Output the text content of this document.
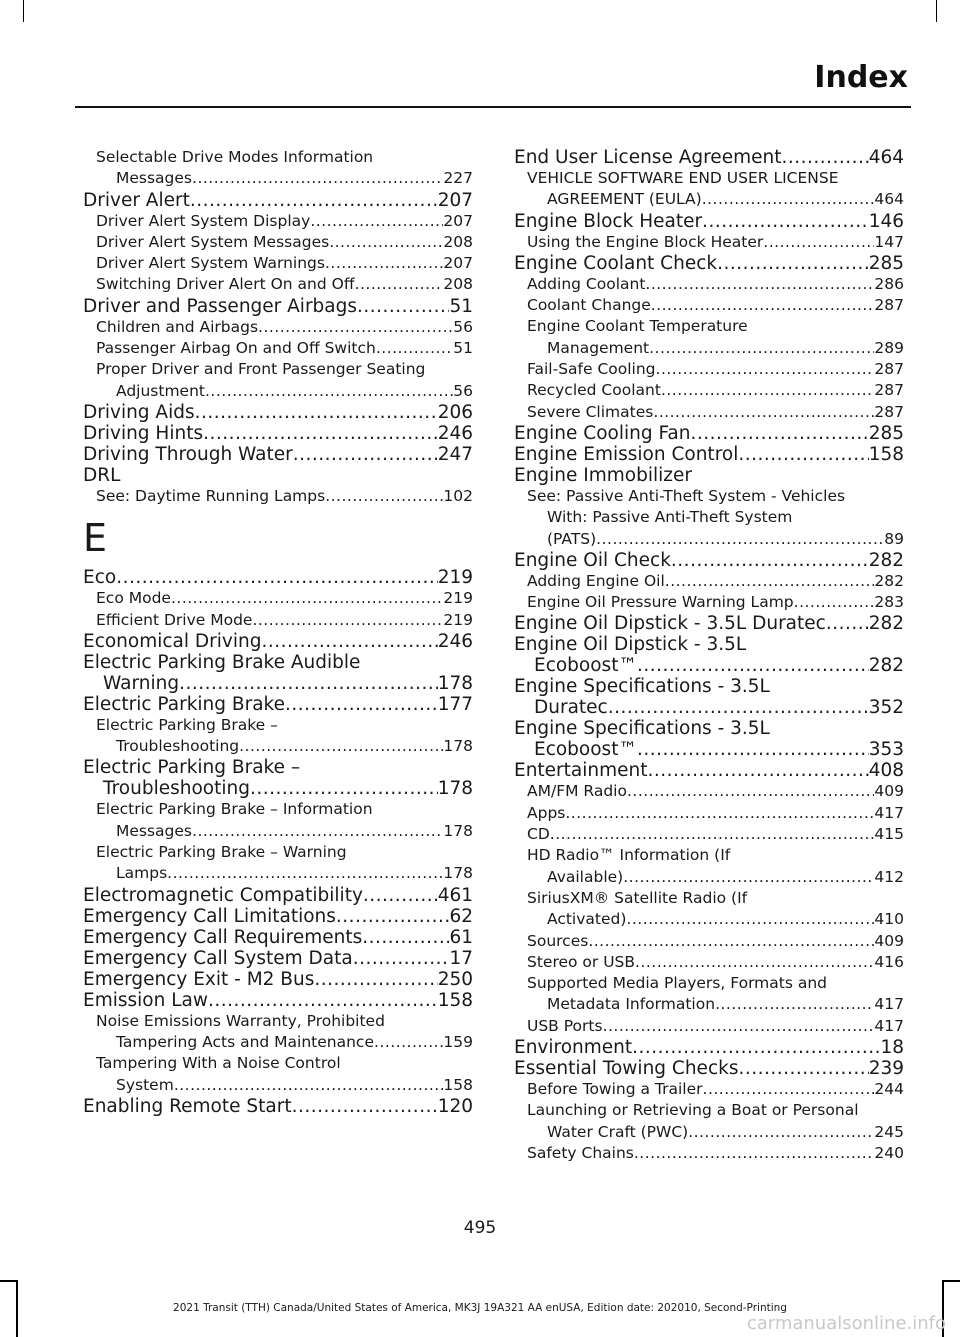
Index
Selectable Drive Modes Information
Messages .....	227
Driver Alert .....	207
Driver Alert System Display .....	207
Driver Alert System Messages .....	208
Driver Alert System Warnings .....	207
Switching Driver Alert On and Off .....	208
Driver and Passenger Airbags .....	51
Children and Airbags .....	56
Passenger Airbag On and Off Switch .....	51
Proper Driver and Front Passenger Seating
Adjustment .....	56
Driving Aids .....	206
Driving Hints .....	246
Driving Through Water .....	247
DRL
See: Daytime Running Lamps .....	102
E
Eco .....	219
Eco Mode .....	219
Efficient Drive Mode .....	219
Economical Driving .....	246
Electric Parking Brake Audible
Warning .....	178
Electric Parking Brake .....	177
Electric Parking Brake –
Troubleshooting .....	178
Electric Parking Brake –
Troubleshooting .....	178
Electric Parking Brake – Information
Messages .....	178
Electric Parking Brake – Warning
Lamps .....	178
Electromagnetic Compatibility .....	461
Emergency Call Limitations .....	62
Emergency Call Requirements .....	61
Emergency Call System Data .....	17
Emergency Exit - M2 Bus .....	250
Emission Law .....	158
Noise Emissions Warranty, Prohibited
Tampering Acts and Maintenance .....	159
Tampering With a Noise Control
System .....	158
Enabling Remote Start .....	120
End User License Agreement .....	464
VEHICLE SOFTWARE END USER LICENSE
AGREEMENT (EULA) .....	464
Engine Block Heater .....	146
Using the Engine Block Heater .....	147
Engine Coolant Check .....	285
Adding Coolant .....	286
Coolant Change .....	287
Engine Coolant Temperature
Management .....	289
Fail-Safe Cooling .....	287
Recycled Coolant .....	287
Severe Climates .....	287
Engine Cooling Fan .....	285
Engine Emission Control .....	158
Engine Immobilizer
See: Passive Anti-Theft System - Vehicles
With: Passive Anti-Theft System
(PATS) .....	89
Engine Oil Check .....	282
Adding Engine Oil .....	282
Engine Oil Pressure Warning Lamp .....	283
Engine Oil Dipstick - 3.5L Duratec ..... 282
Engine Oil Dipstick - 3.5L
Ecoboost™ .....	282
Engine Specifications - 3.5L
Duratec .....	352
Engine Specifications - 3.5L
Ecoboost™ .....	353
Entertainment .....	408
AM/FM Radio .....	409
Apps .....	417
CD .....	415
HD Radio™ Information (If
Available) .....	412
SiriusXM® Satellite Radio (If
Activated) .....	410
Sources .....	409
Stereo or USB .....	416
Supported Media Players, Formats and
Metadata Information .....	417
USB Ports .....	417
Environment .....	18
Essential Towing Checks .....	239
Before Towing a Trailer .....	244
Launching or Retrieving a Boat or Personal
Water Craft (PWC) .....	245
Safety Chains .....	240
495
2021 Transit (TTH) Canada/United States of America, MK3J 19A321 AA enUSA, Edition date: 202010, Second-Printing
carmanualsonline.info
